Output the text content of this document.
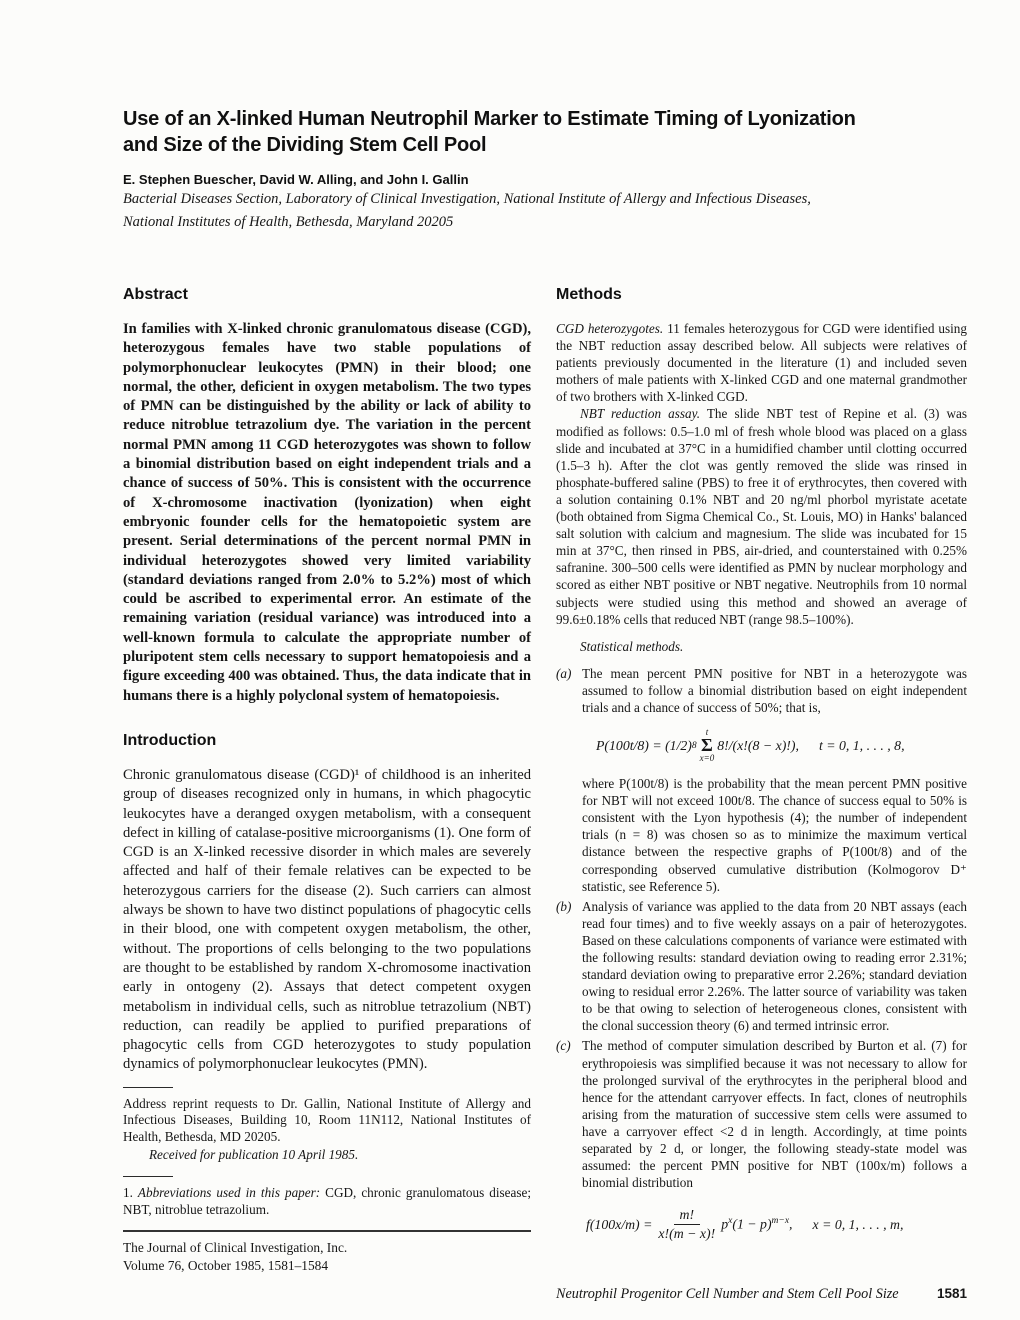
Use of an X-linked Human Neutrophil Marker to Estimate Timing of Lyonization
and Size of the Dividing Stem Cell Pool
E. Stephen Buescher, David W. Alling, and John I. Gallin
Bacterial Diseases Section, Laboratory of Clinical Investigation, National Institute of Allergy and Infectious Diseases,
National Institutes of Health, Bethesda, Maryland 20205
Abstract

In families with X-linked chronic granulomatous disease (CGD), heterozygous females have two stable populations of polymorphonuclear leukocytes (PMN) in their blood; one normal, the other, deficient in oxygen metabolism. The two types of PMN can be distinguished by the ability or lack of ability to reduce nitroblue tetrazolium dye. The variation in the percent normal PMN among 11 CGD heterozygotes was shown to follow a binomial distribution based on eight independent trials and a chance of success of 50%. This is consistent with the occurrence of X-chromosome inactivation (lyonization) when eight embryonic founder cells for the hematopoietic system are present. Serial determinations of the percent normal PMN in individual heterozygotes showed very limited variability (standard deviations ranged from 2.0% to 5.2%) most of which could be ascribed to experimental error. An estimate of the remaining variation (residual variance) was introduced into a well-known formula to calculate the appropriate number of pluripotent stem cells necessary to support hematopoiesis and a figure exceeding 400 was obtained. Thus, the data indicate that in humans there is a highly polyclonal system of hematopoiesis.

Introduction

Chronic granulomatous disease (CGD)¹ of childhood is an inherited group of diseases recognized only in humans, in which phagocytic leukocytes have a deranged oxygen metabolism, with a consequent defect in killing of catalase-positive microorganisms (1). One form of CGD is an X-linked recessive disorder in which males are severely affected and half of their female relatives can be expected to be heterozygous carriers for the disease (2). Such carriers can almost always be shown to have two distinct populations of phagocytic cells in their blood, one with competent oxygen metabolism, the other, without. The proportions of cells belonging to the two populations are thought to be established by random X-chromosome inactivation early in ontogeny (2). Assays that detect competent oxygen metabolism in individual cells, such as nitroblue tetrazolium (NBT) reduction, can readily be applied to purified preparations of phagocytic cells from CGD heterozygotes to study population dynamics of polymorphonuclear leukocytes (PMN).

Address reprint requests to Dr. Gallin, National Institute of Allergy and Infectious Diseases, Building 10, Room 11N112, National Institutes of Health, Bethesda, MD 20205.

Received for publication 10 April 1985.

1. Abbreviations used in this paper: CGD, chronic granulomatous disease; NBT, nitroblue tetrazolium.

The Journal of Clinical Investigation, Inc.

Volume 76, October 1985, 1581–1584

Methods

CGD heterozygotes. 11 females heterozygous for CGD were identified using the NBT reduction assay described below. All subjects were relatives of patients previously documented in the literature (1) and included seven mothers of male patients with X-linked CGD and one maternal grandmother of two brothers with X-linked CGD.

NBT reduction assay. The slide NBT test of Repine et al. (3) was modified as follows: 0.5–1.0 ml of fresh whole blood was placed on a glass slide and incubated at 37°C in a humidified chamber until clotting occurred (1.5–3 h). After the clot was gently removed the slide was rinsed in phosphate-buffered saline (PBS) to free it of erythrocytes, then covered with a solution containing 0.1% NBT and 20 ng/ml phorbol myristate acetate (both obtained from Sigma Chemical Co., St. Louis, MO) in Hanks' balanced salt solution with calcium and magnesium. The slide was incubated for 15 min at 37°C, then rinsed in PBS, air-dried, and counterstained with 0.25% safranine. 300–500 cells were identified as PMN by nuclear morphology and scored as either NBT positive or NBT negative. Neutrophils from 10 normal subjects were studied using this method and showed an average of 99.6±0.18% cells that reduced NBT (range 98.5–100%).

Statistical methods.

(a) The mean percent PMN positive for NBT in a heterozygote was assumed to follow a binomial distribution based on eight independent trials and a chance of success of 50%; that is,

P(100t/8) = (1/2) 8
t
Σ
x=0
8!/(x!(8 − x)!), t = 0, 1, . . . , 8,

where P(100t/8) is the probability that the mean percent PMN positive for NBT will not exceed 100t/8. The chance of success equal to 50% is consistent with the Lyon hypothesis (4); the number of independent trials (n = 8) was chosen so as to minimize the maximum vertical distance between the respective graphs of P(100t/8) and of the corresponding observed cumulative distribution (Kolmogorov D⁺ statistic, see Reference 5).

(b) Analysis of variance was applied to the data from 20 NBT assays (each read four times) and to five weekly assays on a pair of heterozygotes. Based on these calculations components of variance were estimated with the following results: standard deviation owing to reading error 2.31%; standard deviation owing to preparative error 2.26%; standard deviation owing to residual error 2.26%. The latter source of variability was taken to be that owing to selection of heterogeneous clones, consistent with the clonal succession theory (6) and termed intrinsic error.

(c) The method of computer simulation described by Burton et al. (7) for erythropoiesis was simplified because it was not necessary to allow for the prolonged survival of the erythrocytes in the peripheral blood and hence for the attendant carryover effects. In fact, clones of neutrophils arising from the maturation of successive stem cells were assumed to have a carryover effect <2 d in length. Accordingly, at time points separated by 2 d, or longer, the following steady-state model was assumed: the percent PMN positive for NBT (100x/m) follows a binomial distribution

$f(100x/m) = \frac{m!}{x!(m - x)!} p^x(1 - p)^{m-x}$, x = 0, 1, . . . , m,
Neutrophil Progenitor Cell Number and Stem Cell Pool Size	1581
